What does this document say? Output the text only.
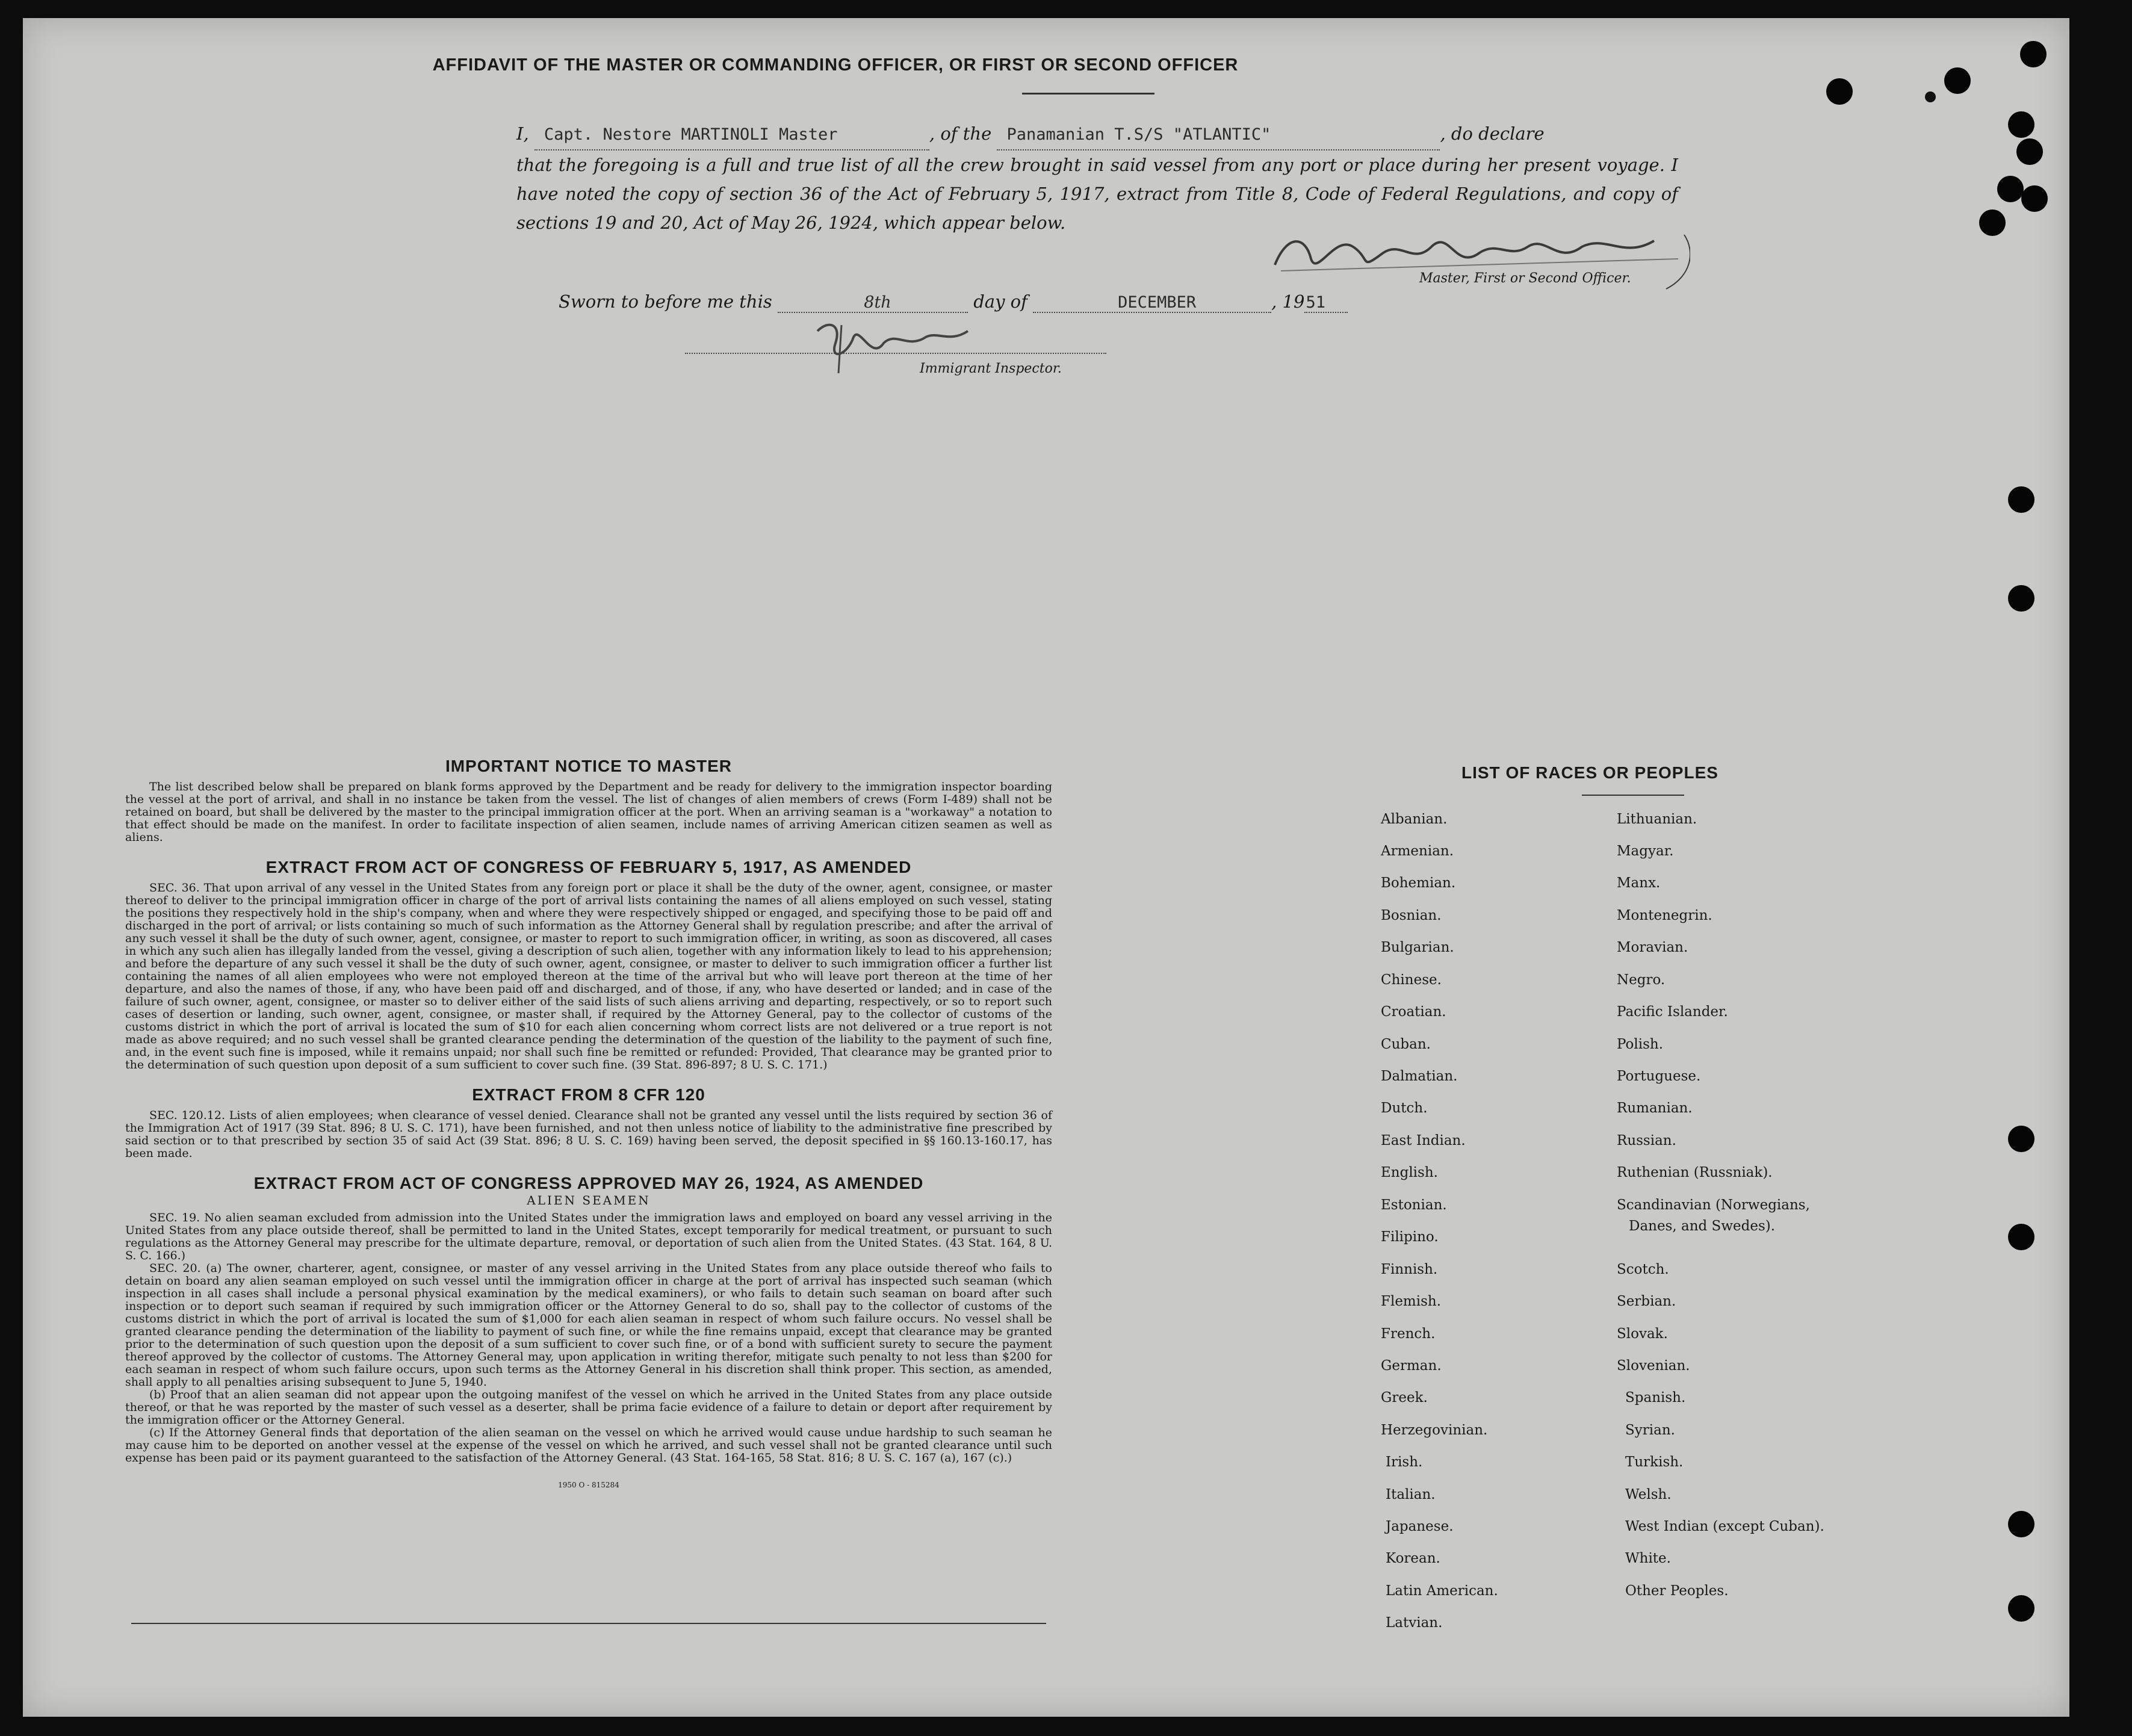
AFFIDAVIT OF THE MASTER OR COMMANDING OFFICER, OR FIRST OR SECOND OFFICER
I, Capt. Nestore MARTINOLI Master	, of the Panamanian T.S/S "ATLANTIC"	, do declare
that the foregoing is a full and true list of all the crew brought in said vessel from any port or place during her present voyage. I have noted the copy of section 36 of the Act of February 5, 1917, extract from Title 8, Code of Federal Regulations, and copy of sections 19 and 20, Act of May 26, 1924, which appear below.
Master, First or Second Officer.
Sworn to before me this	8th	day of	DECEMBER	, 1951
Immigrant Inspector.
IMPORTANT NOTICE TO MASTER

The list described below shall be prepared on blank forms approved by the Department and be ready for delivery to the immigration inspector boarding the vessel at the port of arrival, and shall in no instance be taken from the vessel. The list of changes of alien members of crews (Form I-489) shall not be retained on board, but shall be delivered by the master to the principal immigration officer at the port. When an arriving seaman is a "workaway" a notation to that effect should be made on the manifest. In order to facilitate inspection of alien seamen, include names of arriving American citizen seamen as well as aliens.

EXTRACT FROM ACT OF CONGRESS OF FEBRUARY 5, 1917, AS AMENDED

SEC. 36. That upon arrival of any vessel in the United States from any foreign port or place it shall be the duty of the owner, agent, consignee, or master thereof to deliver to the principal immigration officer in charge of the port of arrival lists containing the names of all aliens employed on such vessel, stating the positions they respectively hold in the ship's company, when and where they were respectively shipped or engaged, and specifying those to be paid off and discharged in the port of arrival; or lists containing so much of such information as the Attorney General shall by regulation prescribe; and after the arrival of any such vessel it shall be the duty of such owner, agent, consignee, or master to report to such immigration officer, in writing, as soon as discovered, all cases in which any such alien has illegally landed from the vessel, giving a description of such alien, together with any information likely to lead to his apprehension; and before the departure of any such vessel it shall be the duty of such owner, agent, consignee, or master to deliver to such immigration officer a further list containing the names of all alien employees who were not employed thereon at the time of the arrival but who will leave port thereon at the time of her departure, and also the names of those, if any, who have been paid off and discharged, and of those, if any, who have deserted or landed; and in case of the failure of such owner, agent, consignee, or master so to deliver either of the said lists of such aliens arriving and departing, respectively, or so to report such cases of desertion or landing, such owner, agent, consignee, or master shall, if required by the Attorney General, pay to the collector of customs of the customs district in which the port of arrival is located the sum of $10 for each alien concerning whom correct lists are not delivered or a true report is not made as above required; and no such vessel shall be granted clearance pending the determination of the question of the liability to the payment of such fine, and, in the event such fine is imposed, while it remains unpaid; nor shall such fine be remitted or refunded: Provided, That clearance may be granted prior to the determination of such question upon deposit of a sum sufficient to cover such fine. (39 Stat. 896-897; 8 U. S. C. 171.)

EXTRACT FROM 8 CFR 120

SEC. 120.12. Lists of alien employees; when clearance of vessel denied. Clearance shall not be granted any vessel until the lists required by section 36 of the Immigration Act of 1917 (39 Stat. 896; 8 U. S. C. 171), have been furnished, and not then unless notice of liability to the administrative fine prescribed by said section or to that prescribed by section 35 of said Act (39 Stat. 896; 8 U. S. C. 169) having been served, the deposit specified in §§ 160.13-160.17, has been made.

EXTRACT FROM ACT OF CONGRESS APPROVED MAY 26, 1924, AS AMENDED
ALIEN SEAMEN

SEC. 19. No alien seaman excluded from admission into the United States under the immigration laws and employed on board any vessel arriving in the United States from any place outside thereof, shall be permitted to land in the United States, except temporarily for medical treatment, or pursuant to such regulations as the Attorney General may prescribe for the ultimate departure, removal, or deportation of such alien from the United States. (43 Stat. 164, 8 U. S. C. 166.)

SEC. 20. (a) The owner, charterer, agent, consignee, or master of any vessel arriving in the United States from any place outside thereof who fails to detain on board any alien seaman employed on such vessel until the immigration officer in charge at the port of arrival has inspected such seaman (which inspection in all cases shall include a personal physical examination by the medical examiners), or who fails to detain such seaman on board after such inspection or to deport such seaman if required by such immigration officer or the Attorney General to do so, shall pay to the collector of customs of the customs district in which the port of arrival is located the sum of $1,000 for each alien seaman in respect of whom such failure occurs. No vessel shall be granted clearance pending the determination of the liability to payment of such fine, or while the fine remains unpaid, except that clearance may be granted prior to the determination of such question upon the deposit of a sum sufficient to cover such fine, or of a bond with sufficient surety to secure the payment thereof approved by the collector of customs. The Attorney General may, upon application in writing therefor, mitigate such penalty to not less than $200 for each seaman in respect of whom such failure occurs, upon such terms as the Attorney General in his discretion shall think proper. This section, as amended, shall apply to all penalties arising subsequent to June 5, 1940.

(b) Proof that an alien seaman did not appear upon the outgoing manifest of the vessel on which he arrived in the United States from any place outside thereof, or that he was reported by the master of such vessel as a deserter, shall be prima facie evidence of a failure to detain or deport after requirement by the immigration officer or the Attorney General.

(c) If the Attorney General finds that deportation of the alien seaman on the vessel on which he arrived would cause undue hardship to such seaman he may cause him to be deported on another vessel at the expense of the vessel on which he arrived, and such vessel shall not be granted clearance until such expense has been paid or its payment guaranteed to the satisfaction of the Attorney General. (43 Stat. 164-165, 58 Stat. 816; 8 U. S. C. 167 (a), 167 (c).)

1950 O - 815284
LIST OF RACES OR PEOPLES
Albanian.
Armenian.
Bohemian.
Bosnian.
Bulgarian.
Chinese.
Croatian.
Cuban.
Dalmatian.
Dutch.
East Indian.
English.
Estonian.
Filipino.
Finnish.
Flemish.
French.
German.
Greek.
Herzegovinian.
Irish.
Italian.
Japanese.
Korean.
Latin American.
Latvian.
Lithuanian.
Magyar.
Manx.
Montenegrin.
Moravian.
Negro.
Pacific Islander.
Polish.
Portuguese.
Rumanian.
Russian.
Ruthenian (Russniak).
Scandinavian (Norwegians,
Danes, and Swedes).
Scotch.
Serbian.
Slovak.
Slovenian.
Spanish.
Syrian.
Turkish.
Welsh.
West Indian (except Cuban).
White.
Other Peoples.
